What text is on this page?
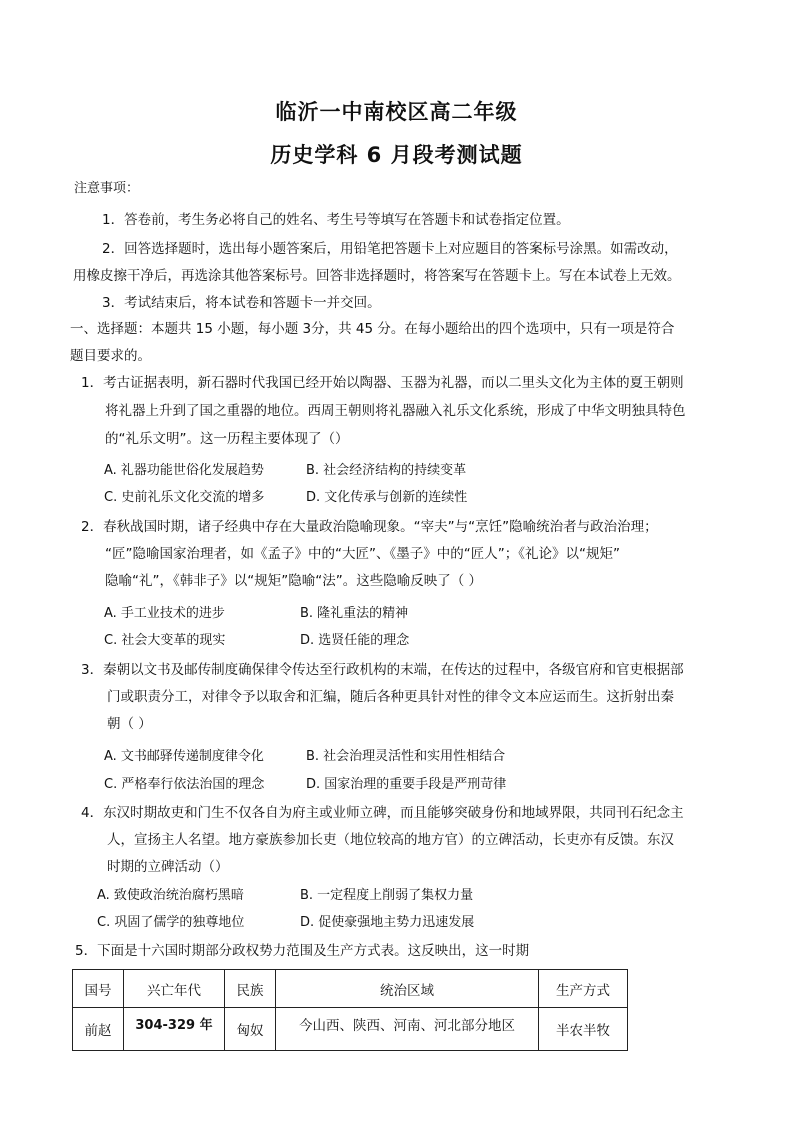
临沂一中南校区高二年级
历史学科 6 月段考测试题
注意事项：
1．答卷前，考生务必将自己的姓名、考生号等填写在答题卡和试卷指定位置。
2．回答选择题时，选出每小题答案后，用铅笔把答题卡上对应题目的答案标号涂黑。如需改动，
用橡皮擦干净后，再选涂其他答案标号。回答非选择题时，将答案写在答题卡上。写在本试卷上无效。
3．考试结束后，将本试卷和答题卡一并交回。
一、选择题：本题共 15 小题，每小题 3分，共 45 分。在每小题给出的四个选项中，只有一项是符合
题目要求的。
1．考古证据表明，新石器时代我国已经开始以陶器、玉器为礼器，而以二里头文化为主体的夏王朝则
将礼器上升到了国之重器的地位。西周王朝则将礼器融入礼乐文化系统，形成了中华文明独具特色
的“礼乐文明”。这一历程主要体现了（）
A. 礼器功能世俗化发展趋势	B. 社会经济结构的持续变革
C. 史前礼乐文化交流的增多	D. 文化传承与创新的连续性
2．春秋战国时期，诸子经典中存在大量政治隐喻现象。“宰夫”与“烹饪”隐喻统治者与政治治理；
“匠”隐喻国家治理者，如《孟子》中的“大匠”、《墨子》中的“匠人”；《礼论》以“规矩”
隐喻“礼”，《韩非子》以“规矩”隐喻“法”。这些隐喻反映了（ ）
A. 手工业技术的进步	B. 隆礼重法的精神
C. 社会大变革的现实	D. 选贤任能的理念
3．秦朝以文书及邮传制度确保律令传达至行政机构的末端，在传达的过程中，各级官府和官吏根据部
门或职责分工，对律令予以取舍和汇编，随后各种更具针对性的律令文本应运而生。这折射出秦
朝（ ）
A. 文书邮驿传递制度律令化	B. 社会治理灵活性和实用性相结合
C. 严格奉行依法治国的理念	D. 国家治理的重要手段是严刑苛律
4．东汉时期故吏和门生不仅各自为府主或业师立碑，而且能够突破身份和地域界限，共同刊石纪念主
人，宣扬主人名望。地方豪族参加长吏（地位较高的地方官）的立碑活动，长吏亦有反馈。东汉
时期的立碑活动（）
A. 致使政治统治腐朽黑暗	B. 一定程度上削弱了集权力量
C. 巩固了儒学的独尊地位	D. 促使豪强地主势力迅速发展
5．下面是十六国时期部分政权势力范围及生产方式表。这反映出，这一时期
国号	兴亡年代	民族	统治区域	生产方式
前赵	304-329 年	匈奴	今山西、陕西、河南、河北部分地区	半农半牧
